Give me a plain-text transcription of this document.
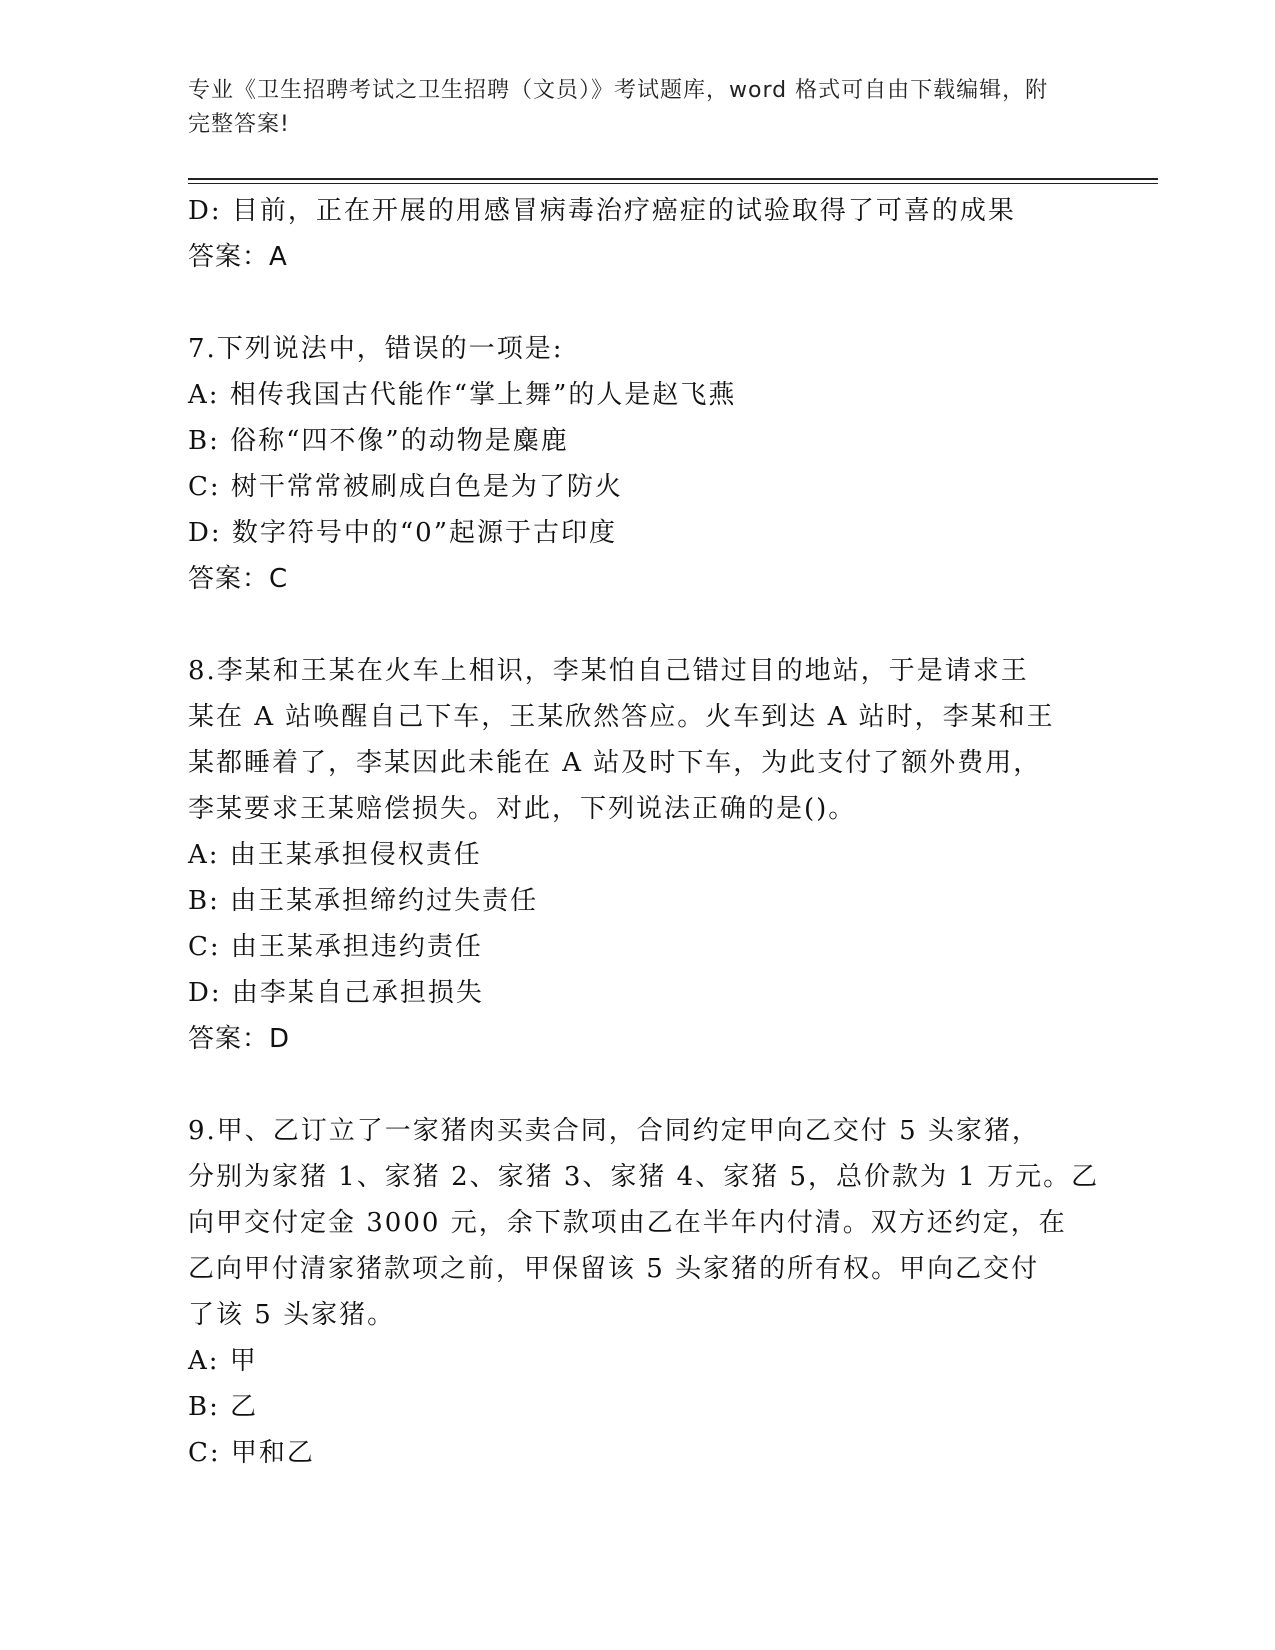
专业《卫生招聘考试之卫生招聘（文员）》考试题库，word 格式可自由下载编辑，附完整答案!
D: 目前，正在开展的用感冒病毒治疗癌症的试验取得了可喜的成果
答案：A
7.下列说法中，错误的一项是:
A: 相传我国古代能作“掌上舞”的人是赵飞燕
B: 俗称“四不像”的动物是麋鹿
C: 树干常常被刷成白色是为了防火
D: 数字符号中的“0”起源于古印度
答案：C
8.李某和王某在火车上相识，李某怕自己错过目的地站，于是请求王
某在 A 站唤醒自己下车，王某欣然答应。火车到达 A 站时，李某和王
某都睡着了，李某因此未能在 A 站及时下车，为此支付了额外费用，
李某要求王某赔偿损失。对此，下列说法正确的是()。
A: 由王某承担侵权责任
B: 由王某承担缔约过失责任
C: 由王某承担违约责任
D: 由李某自己承担损失
答案：D
9.甲、乙订立了一家猪肉买卖合同，合同约定甲向乙交付 5 头家猪，
分别为家猪 1、家猪 2、家猪 3、家猪 4、家猪 5，总价款为 1 万元。乙
向甲交付定金 3000 元，余下款项由乙在半年内付清。双方还约定，在
乙向甲付清家猪款项之前，甲保留该 5 头家猪的所有权。甲向乙交付
了该 5 头家猪。
A: 甲
B: 乙
C: 甲和乙
